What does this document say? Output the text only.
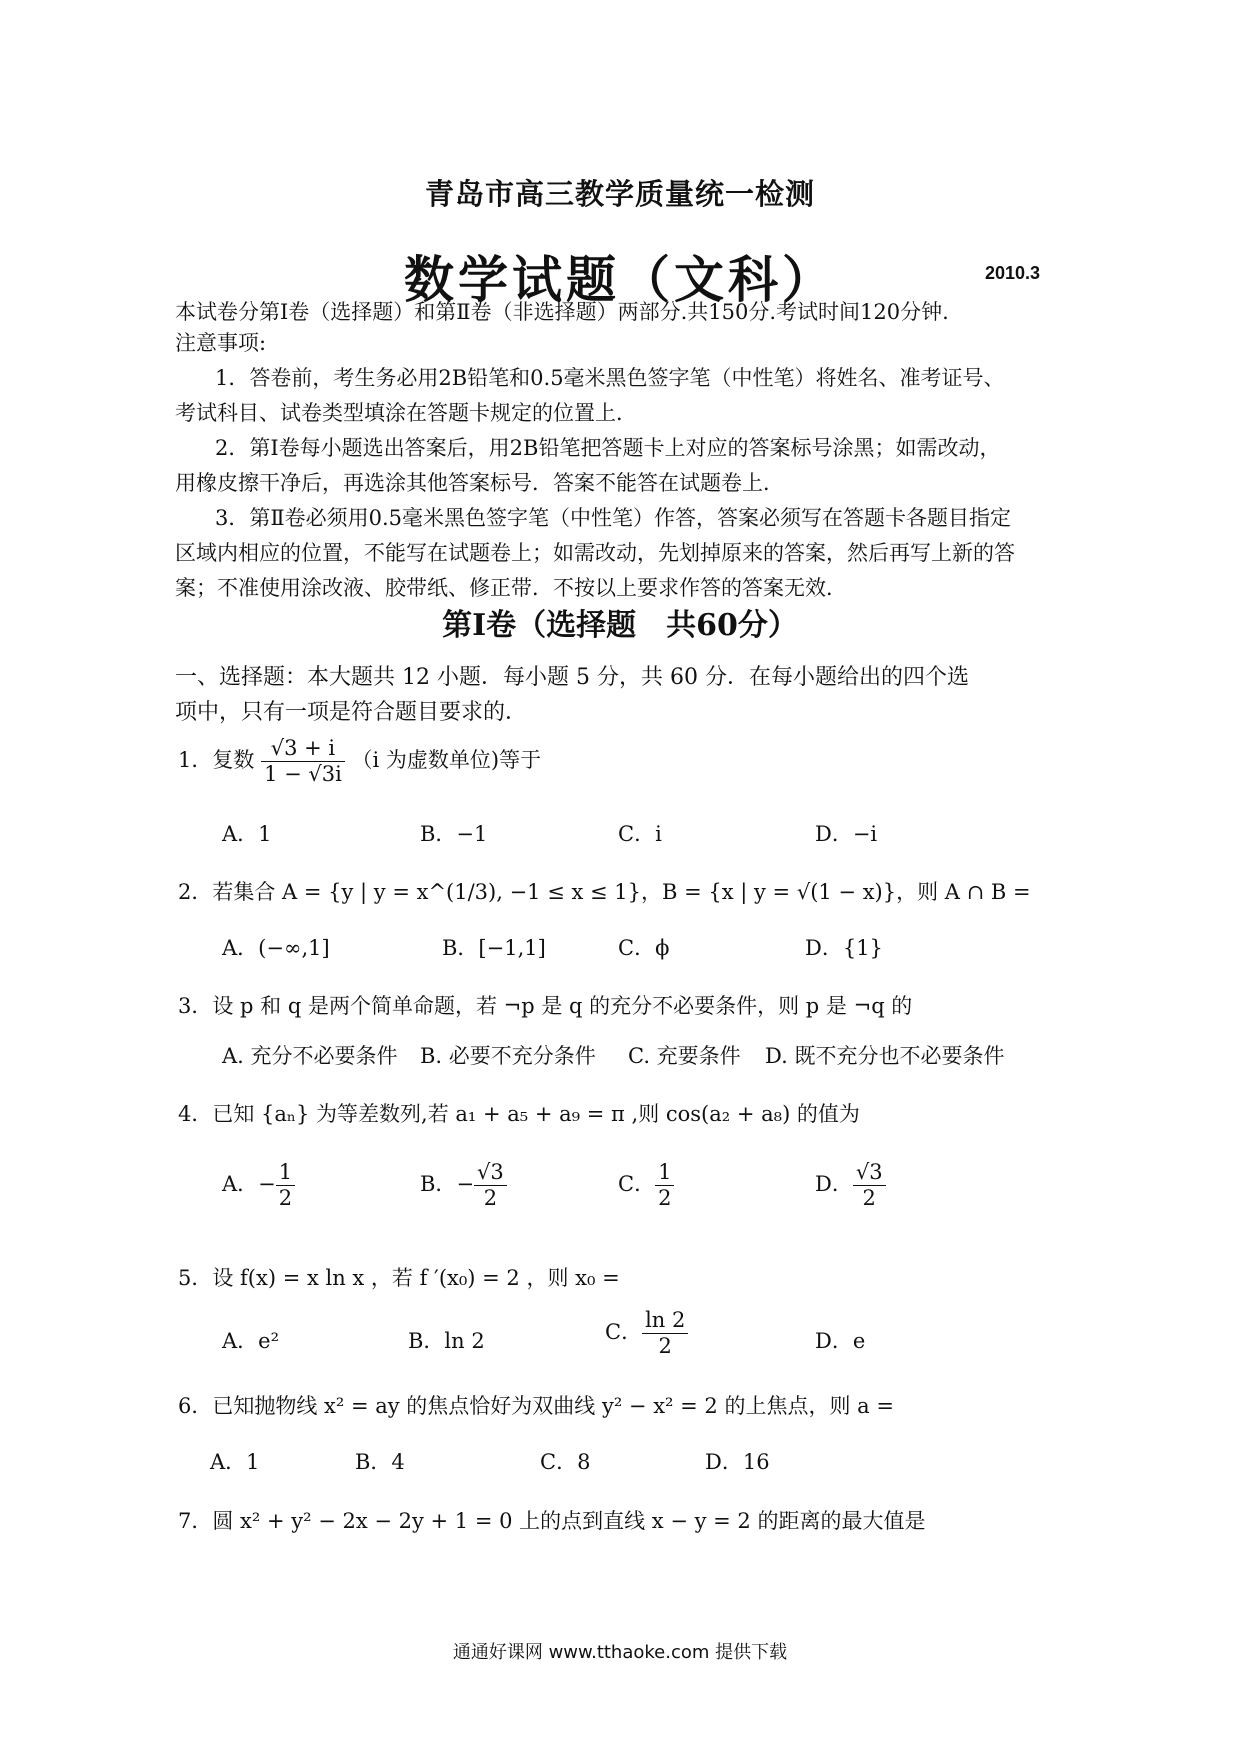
青岛市高三教学质量统一检测
数学试题（文科）	2010.3
本试卷分第Ⅰ卷（选择题）和第Ⅱ卷（非选择题）两部分.共150分.考试时间120分钟.
注意事项:
1．答卷前，考生务必用2B铅笔和0.5毫米黑色签字笔（中性笔）将姓名、准考证号、
考试科目、试卷类型填涂在答题卡规定的位置上．
2．第Ⅰ卷每小题选出答案后，用2B铅笔把答题卡上对应的答案标号涂黑；如需改动，
用橡皮擦干净后，再选涂其他答案标号．答案不能答在试题卷上．
3．第Ⅱ卷必须用0.5毫米黑色签字笔（中性笔）作答，答案必须写在答题卡各题目指定
区域内相应的位置，不能写在试题卷上；如需改动，先划掉原来的答案，然后再写上新的答
案；不准使用涂改液、胶带纸、修正带．不按以上要求作答的答案无效．
第Ⅰ卷（选择题　共60分）
一、选择题：本大题共 12 小题．每小题 5 分，共 60 分．在每小题给出的四个选
项中，只有一项是符合题目要求的．
1．复数 $\frac{√3 + i}{1 - √3i} (i$ 为虚数单位)等于
A．1	B．−1	C．i	D．−i
2．若集合 A = {y | y = x^(1/3), −1 ≤ x ≤ 1}，B = {x | y = √(1 − x)}，则 A ∩ B =
A．(−∞,1]	B．[−1,1]	C．ϕ	D．{1}
3．设 p 和 q 是两个简单命题，若 ¬p 是 q 的充分不必要条件，则 p 是 ¬q 的
A. 充分不必要条件 B. 必要不充分条件 C. 充要条件 D. 既不充分也不必要条件
4．已知 {aₙ} 为等差数列,若 a₁ + a₅ + a₉ = π ,则 cos(a₂ + a₈) 的值为
A．− $\frac{1}{2}$	B．− $\frac{√3}{2}$	C． $\frac{1}{2}$	D． $\frac{√3}{2}$
5．设 f(x) = x ln x ，若 f ′(x₀) = 2 ，则 x₀ =
A．e²	B．ln 2	C． $\frac{\ln 2}{2}$	D．e
6．已知抛物线 x² = ay 的焦点恰好为双曲线 y² − x² = 2 的上焦点，则 a =
A．1	B．4	C．8	D．16
7．圆 x² + y² − 2x − 2y + 1 = 0 上的点到直线 x − y = 2 的距离的最大值是
通通好课网 www.tthaoke.com 提供下载
